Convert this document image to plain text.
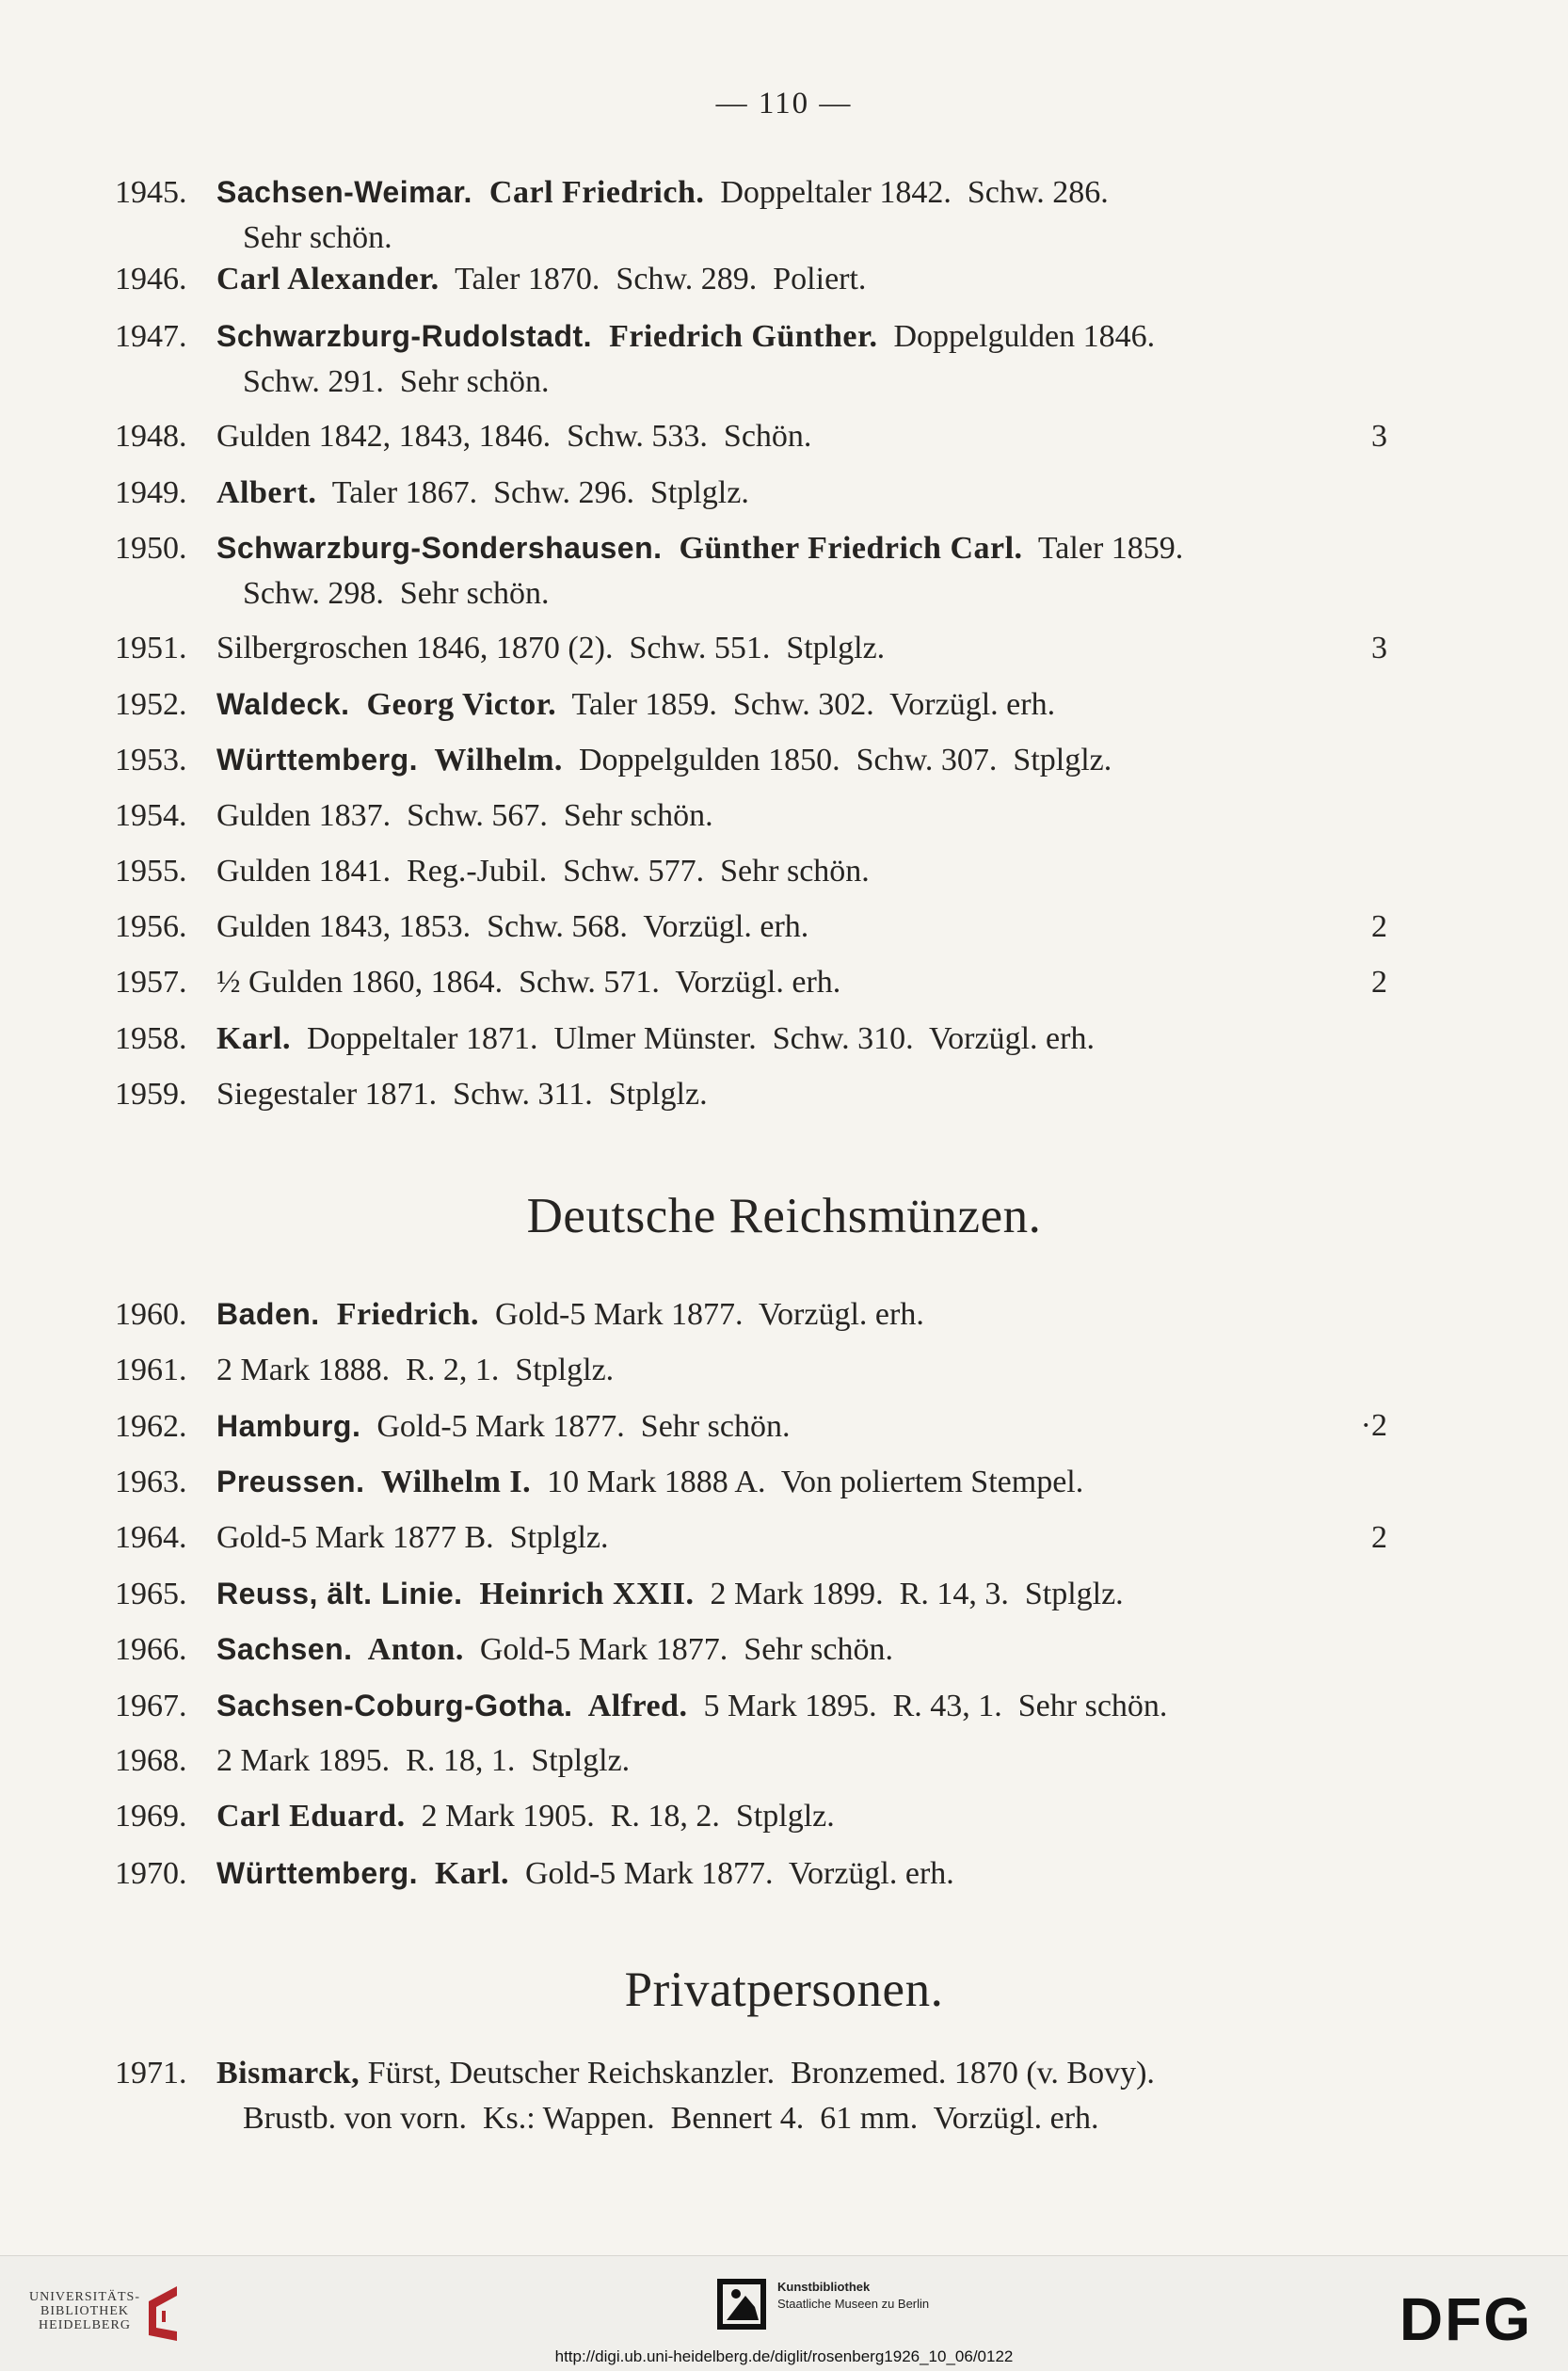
— 110 —
1945. Sachsen-Weimar.  Carl Friedrich.  Doppeltaler 1842.  Schw. 286.
Sehr schön.
1946. Carl Alexander.  Taler 1870.  Schw. 289.  Poliert.
1947. Schwarzburg-Rudolstadt.  Friedrich Günther.  Doppelgulden 1846.
Schw. 291.  Sehr schön.
1948. Gulden 1842, 1843, 1846.  Schw. 533.  Schön.	3
1949. Albert.  Taler 1867.  Schw. 296.  Stplglz.
1950. Schwarzburg-Sondershausen.  Günther Friedrich Carl.  Taler 1859.
Schw. 298.  Sehr schön.
1951. Silbergroschen 1846, 1870 (2).  Schw. 551.  Stplglz.	3
1952. Waldeck.  Georg Victor.  Taler 1859.  Schw. 302.  Vorzügl. erh.
1953. Württemberg.  Wilhelm.  Doppelgulden 1850.  Schw. 307.  Stplglz.
1954. Gulden 1837.  Schw. 567.  Sehr schön.
1955. Gulden 1841.  Reg.-Jubil.  Schw. 577.  Sehr schön.
1956. Gulden 1843, 1853.  Schw. 568.  Vorzügl. erh.	2
1957. ½ Gulden 1860, 1864.  Schw. 571.  Vorzügl. erh.	2
1958. Karl.  Doppeltaler 1871.  Ulmer Münster.  Schw. 310.  Vorzügl. erh.
1959. Siegestaler 1871.  Schw. 311.  Stplglz.
1960. Baden.  Friedrich.  Gold-5 Mark 1877.  Vorzügl. erh.
1961. 2 Mark 1888.  R. 2, 1.  Stplglz.
1962. Hamburg.  Gold-5 Mark 1877.  Sehr schön.	·2
1963. Preussen.  Wilhelm I.  10 Mark 1888 A.  Von poliertem Stempel.
1964. Gold-5 Mark 1877 B.  Stplglz.	2
1965. Reuss, ält. Linie.  Heinrich XXII.  2 Mark 1899.  R. 14, 3.  Stplglz.
1966. Sachsen.  Anton.  Gold-5 Mark 1877.  Sehr schön.
1967. Sachsen-Coburg-Gotha.  Alfred.  5 Mark 1895.  R. 43, 1.  Sehr schön.
1968. 2 Mark 1895.  R. 18, 1.  Stplglz.
1969. Carl Eduard.  2 Mark 1905.  R. 18, 2.  Stplglz.
1970. Württemberg.  Karl.  Gold-5 Mark 1877.  Vorzügl. erh.
1971. Bismarck, Fürst, Deutscher Reichskanzler.  Bronzemed. 1870 (v. Bovy).
Brustb. von vorn.  Ks.: Wappen.  Bennert 4.  61 mm.  Vorzügl. erh.
Deutsche Reichsmünzen.
Privatpersonen.
UNIVERSITÄTS-
BIBLIOTHEK
HEIDELBERG
Kunstbibliothek
Staatliche Museen zu Berlin	DFG
http://digi.ub.uni-heidelberg.de/diglit/rosenberg1926_10_06/0122
